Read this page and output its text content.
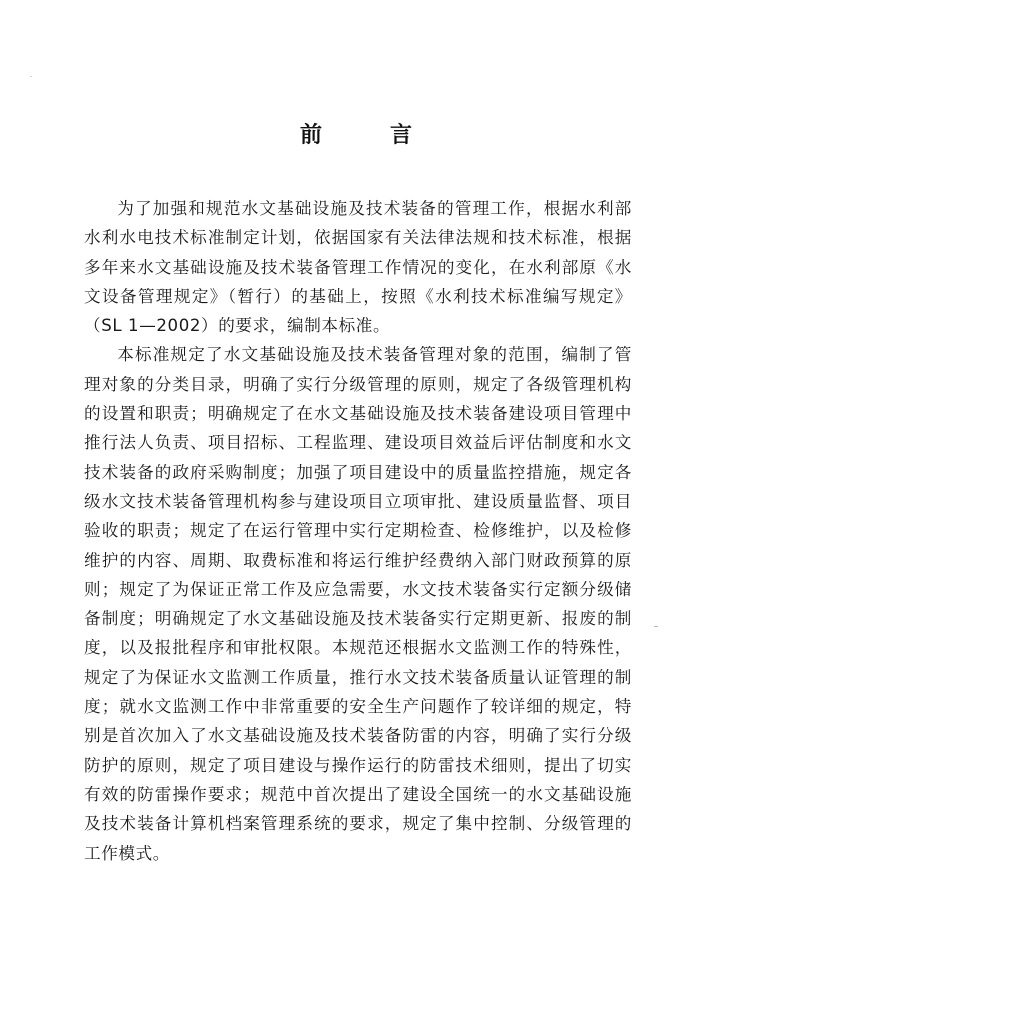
前	言

为了加强和规范水文基础设施及技术装备的管理工作，根据水利部水利水电技术标准制定计划，依据国家有关法律法规和技术标准，根据多年来水文基础设施及技术装备管理工作情况的变化，在水利部原《水文设备管理规定》（暂行）的基础上，按照《水利技术标准编写规定》（SL 1—2002）的要求，编制本标准。

本标准规定了水文基础设施及技术装备管理对象的范围，编制了管理对象的分类目录，明确了实行分级管理的原则，规定了各级管理机构的设置和职责；明确规定了在水文基础设施及技术装备建设项目管理中推行法人负责、项目招标、工程监理、建设项目效益后评估制度和水文技术装备的政府采购制度；加强了项目建设中的质量监控措施，规定各级水文技术装备管理机构参与建设项目立项审批、建设质量监督、项目验收的职责；规定了在运行管理中实行定期检查、检修维护，以及检修维护的内容、周期、取费标准和将运行维护经费纳入部门财政预算的原则；规定了为保证正常工作及应急需要，水文技术装备实行定额分级储备制度；明确规定了水文基础设施及技术装备实行定期更新、报废的制度，以及报批程序和审批权限。本规范还根据水文监测工作的特殊性，规定了为保证水文监测工作质量，推行水文技术装备质量认证管理的制度；就水文监测工作中非常重要的安全生产问题作了较详细的规定，特别是首次加入了水文基础设施及技术装备防雷的内容，明确了实行分级防护的原则，规定了项目建设与操作运行的防雷技术细则，提出了切实有效的防雷操作要求；规范中首次提出了建设全国统一的水文基础设施及技术装备计算机档案管理系统的要求，规定了集中控制、分级管理的工作模式。
